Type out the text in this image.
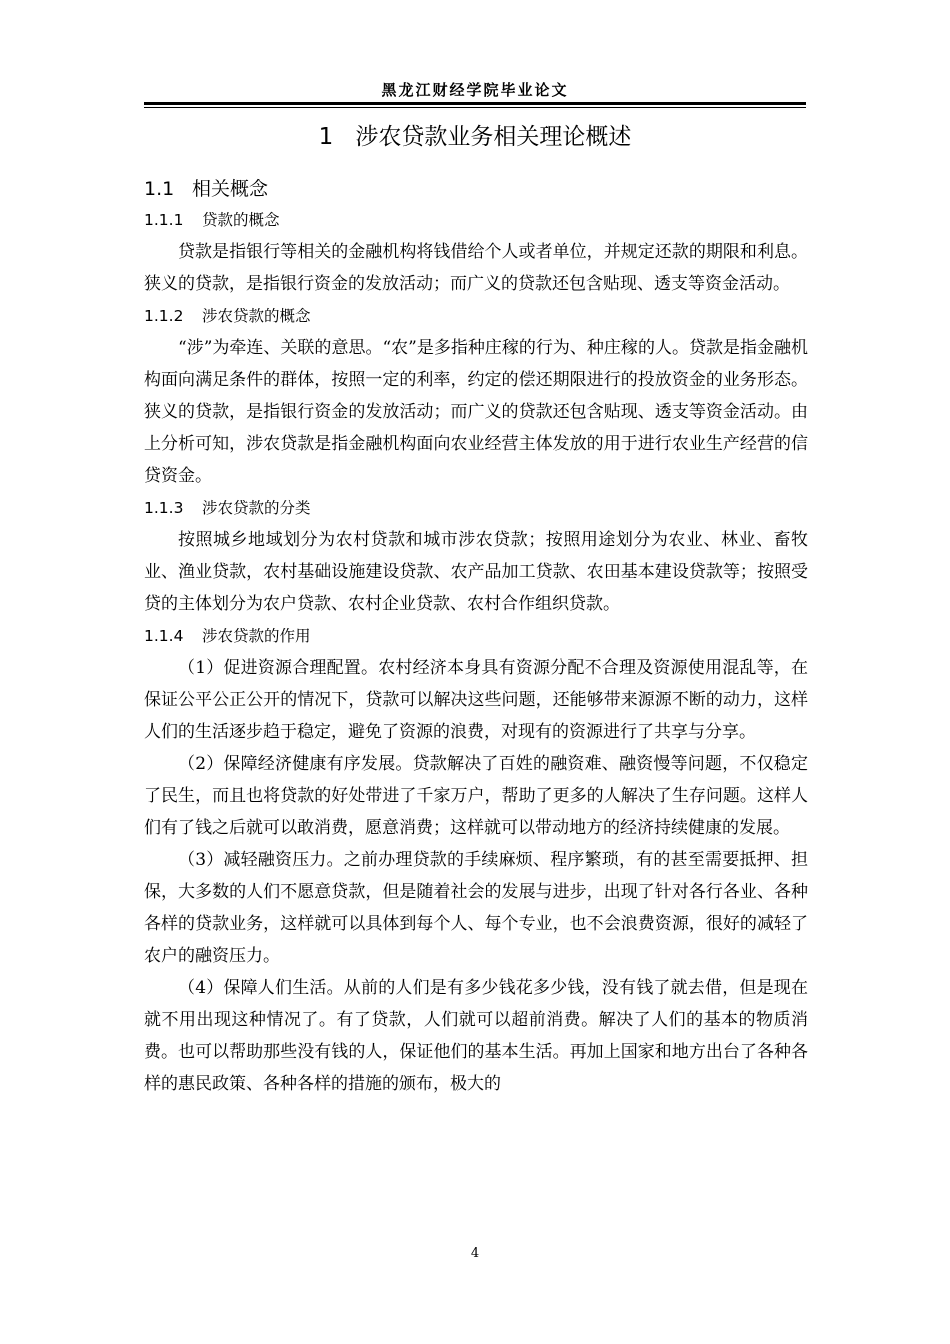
黑龙江财经学院毕业论文
1 涉农贷款业务相关理论概述
1.1 相关概念
1.1.1 贷款的概念

贷款是指银行等相关的金融机构将钱借给个人或者单位，并规定还款的期限和利息。狭义的贷款，是指银行资金的发放活动；而广义的贷款还包含贴现、透支等资金活动。

1.1.2 涉农贷款的概念

“涉”为牵连、关联的意思。“农”是多指种庄稼的行为、种庄稼的人。贷款是指金融机构面向满足条件的群体，按照一定的利率，约定的偿还期限进行的投放资金的业务形态。狭义的贷款，是指银行资金的发放活动；而广义的贷款还包含贴现、透支等资金活动。由上分析可知，涉农贷款是指金融机构面向农业经营主体发放的用于进行农业生产经营的信贷资金。

1.1.3 涉农贷款的分类

按照城乡地域划分为农村贷款和城市涉农贷款；按照用途划分为农业、林业、畜牧业、渔业贷款，农村基础设施建设贷款、农产品加工贷款、农田基本建设贷款等；按照受贷的主体划分为农户贷款、农村企业贷款、农村合作组织贷款。

1.1.4 涉农贷款的作用

（1）促进资源合理配置。农村经济本身具有资源分配不合理及资源使用混乱等，在保证公平公正公开的情况下，贷款可以解决这些问题，还能够带来源源不断的动力，这样人们的生活逐步趋于稳定，避免了资源的浪费，对现有的资源进行了共享与分享。

（2）保障经济健康有序发展。贷款解决了百姓的融资难、融资慢等问题，不仅稳定了民生，而且也将贷款的好处带进了千家万户，帮助了更多的人解决了生存问题。这样人们有了钱之后就可以敢消费，愿意消费；这样就可以带动地方的经济持续健康的发展。

（3）减轻融资压力。之前办理贷款的手续麻烦、程序繁琐，有的甚至需要抵押、担保，大多数的人们不愿意贷款，但是随着社会的发展与进步，出现了针对各行各业、各种各样的贷款业务，这样就可以具体到每个人、每个专业，也不会浪费资源，很好的减轻了农户的融资压力。

（4）保障人们生活。从前的人们是有多少钱花多少钱，没有钱了就去借，但是现在就不用出现这种情况了。有了贷款，人们就可以超前消费。解决了人们的基本的物质消费。也可以帮助那些没有钱的人，保证他们的基本生活。再加上国家和地方出台了各种各样的惠民政策、各种各样的措施的颁布，极大的

4
